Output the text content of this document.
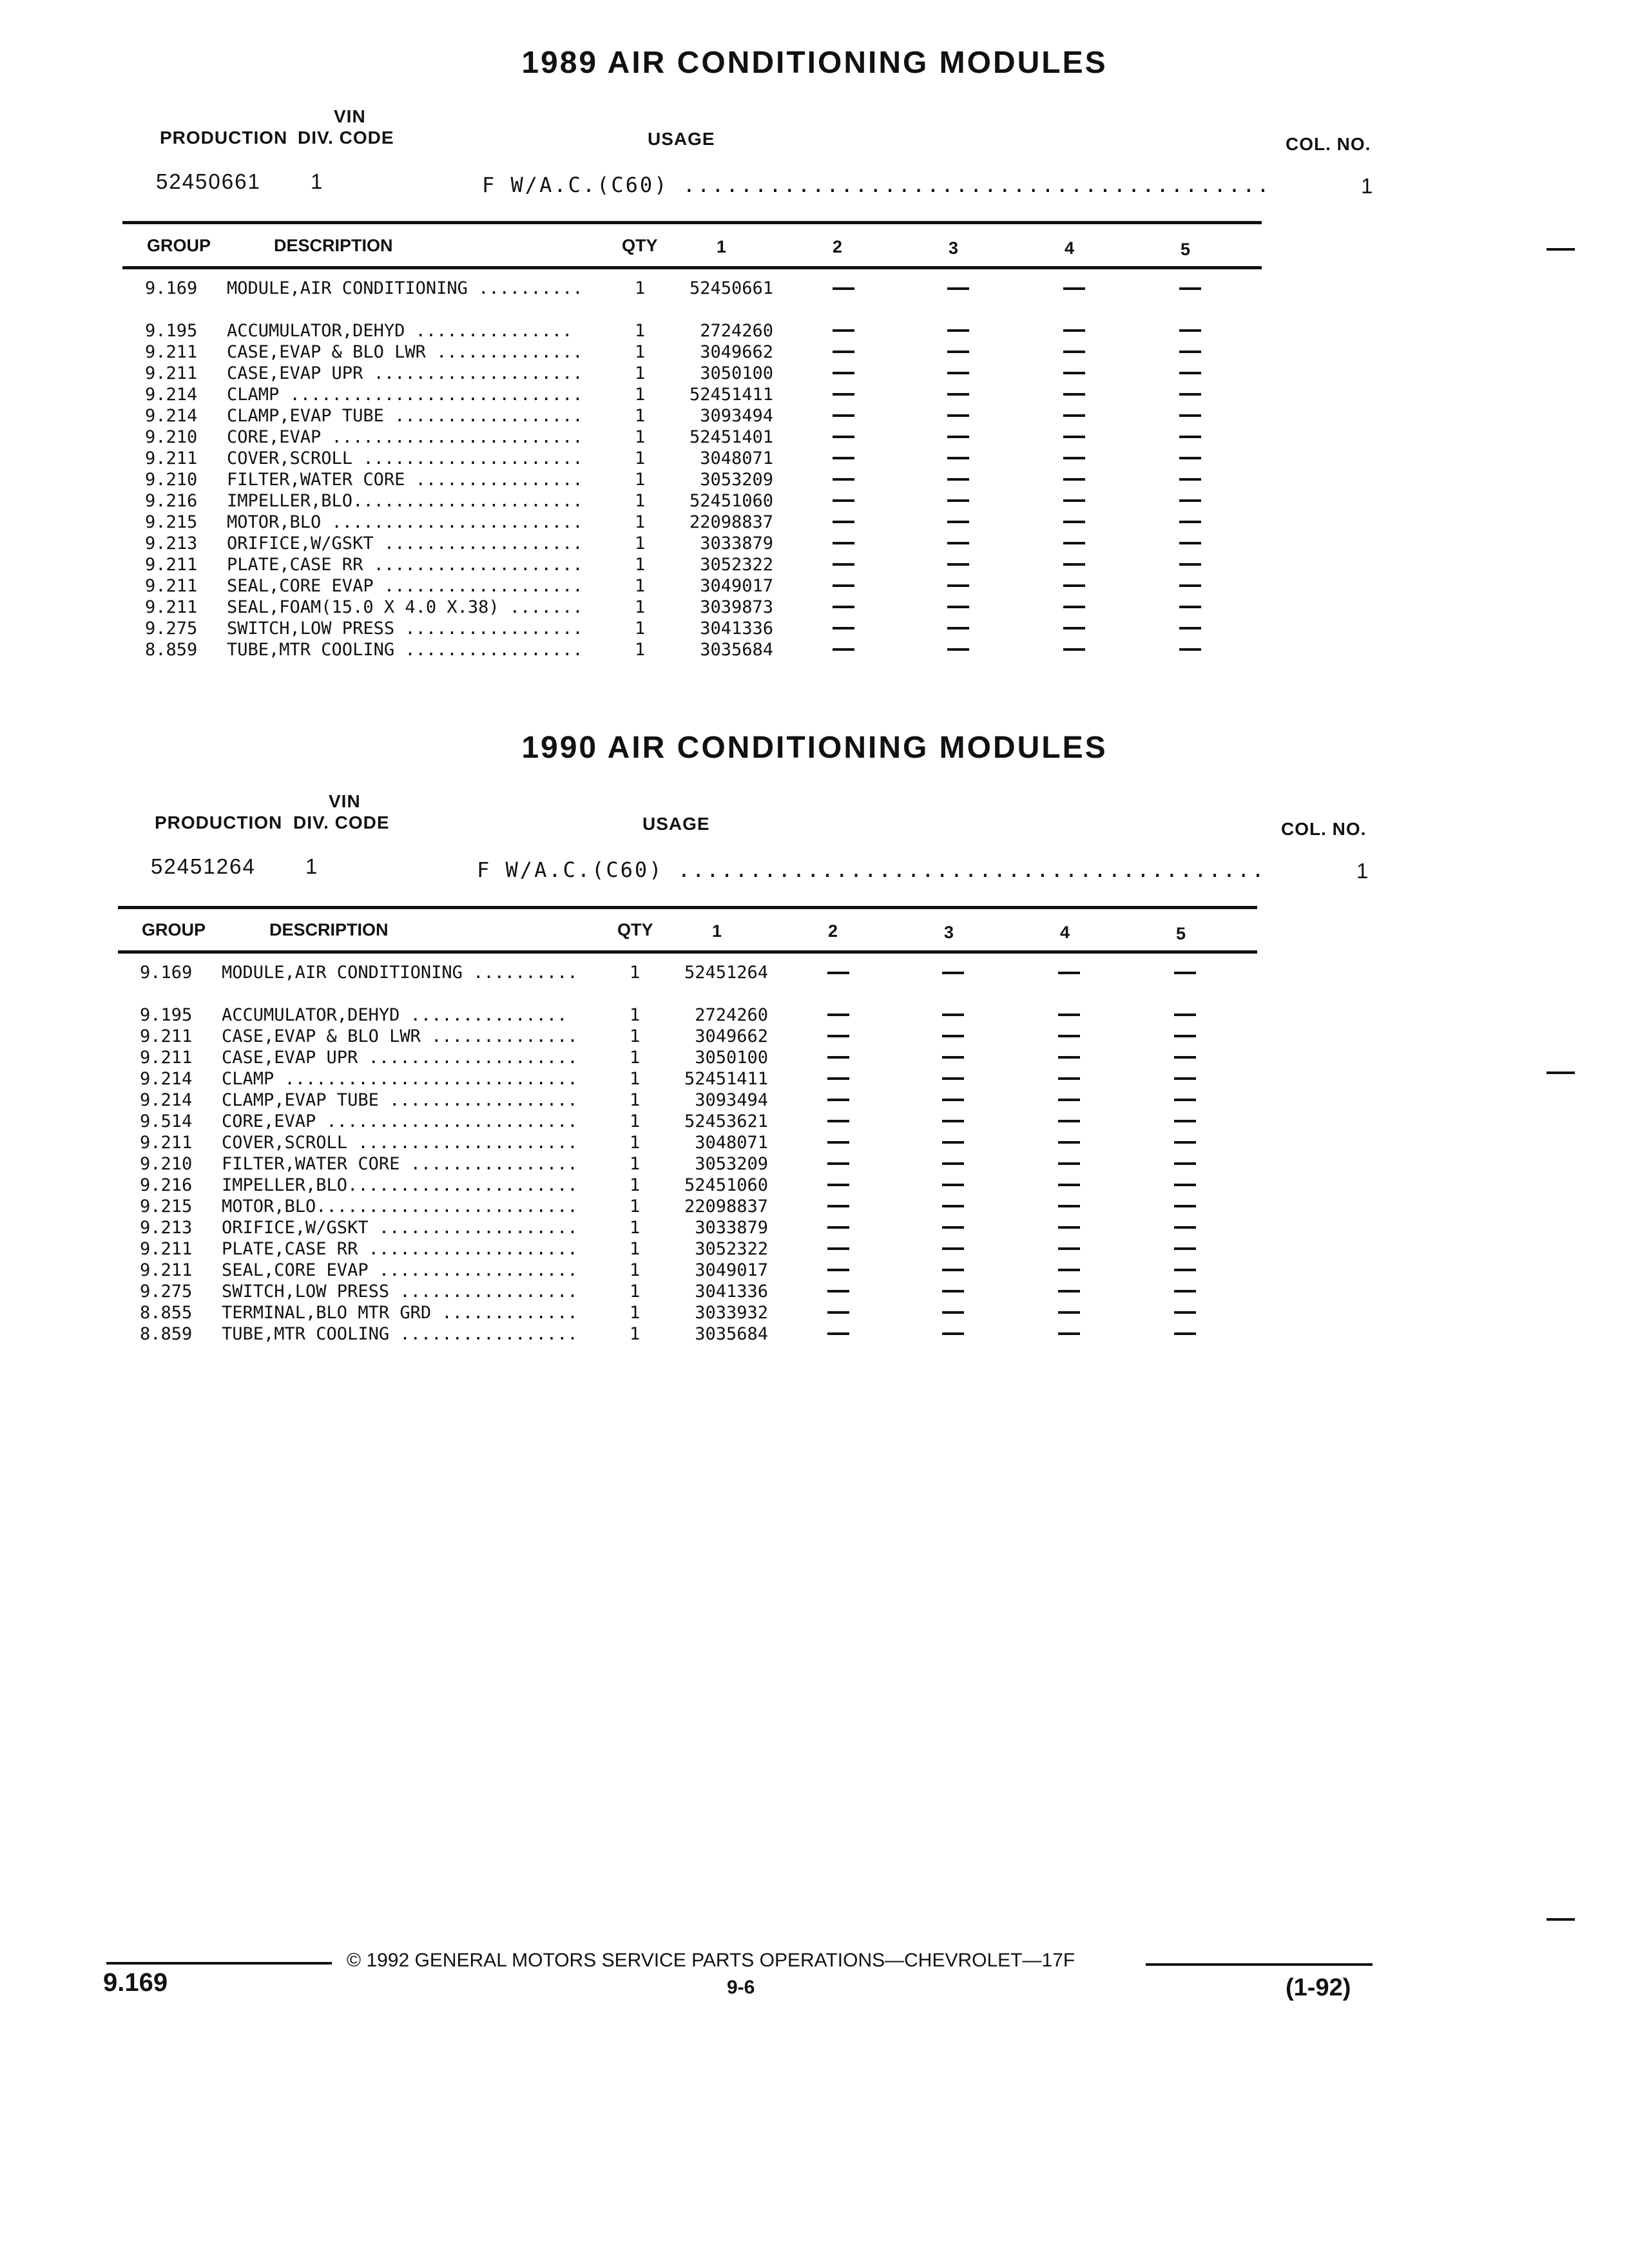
1989 AIR CONDITIONING MODULES
VIN
PRODUCTION DIV. CODE	USAGE	COL. NO.
52450661 1	F W/A.C.(C60) .........................................	1
GROUP	DESCRIPTION	QTY	1	2	3	4	5
9.169 MODULE,AIR CONDITIONING ..........	1	52450661
9.195 ACCUMULATOR,DEHYD ...............	1	2724260
9.211 CASE,EVAP & BLO LWR ..............	1	3049662
9.211 CASE,EVAP UPR ....................	1	3050100
9.214 CLAMP ............................	1	52451411
9.214 CLAMP,EVAP TUBE ..................	1	3093494
9.210 CORE,EVAP ........................	1	52451401
9.211 COVER,SCROLL .....................	1	3048071
9.210 FILTER,WATER CORE ................	1	3053209
9.216 IMPELLER,BLO......................	1	52451060
9.215 MOTOR,BLO ........................	1	22098837
9.213 ORIFICE,W/GSKT ...................	1	3033879
9.211 PLATE,CASE RR ....................	1	3052322
9.211 SEAL,CORE EVAP ...................	1	3049017
9.211 SEAL,FOAM(15.0 X 4.0 X.38) .......	1	3039873
9.275 SWITCH,LOW PRESS .................	1	3041336
8.859 TUBE,MTR COOLING .................	1	3035684
1990 AIR CONDITIONING MODULES
VIN
PRODUCTION DIV. CODE	USAGE	COL. NO.
52451264 1	F W/A.C.(C60) .........................................	1
GROUP	DESCRIPTION	QTY	1	2	3	4	5
9.169 MODULE,AIR CONDITIONING ..........	1	52451264
9.195 ACCUMULATOR,DEHYD ...............	1	2724260
9.211 CASE,EVAP & BLO LWR ..............	1	3049662
9.211 CASE,EVAP UPR ....................	1	3050100
9.214 CLAMP ............................	1	52451411
9.214 CLAMP,EVAP TUBE ..................	1	3093494
9.514 CORE,EVAP ........................	1	52453621
9.211 COVER,SCROLL .....................	1	3048071
9.210 FILTER,WATER CORE ................	1	3053209
9.216 IMPELLER,BLO......................	1	52451060
9.215 MOTOR,BLO.........................	1	22098837
9.213 ORIFICE,W/GSKT ...................	1	3033879
9.211 PLATE,CASE RR ....................	1	3052322
9.211 SEAL,CORE EVAP ...................	1	3049017
9.275 SWITCH,LOW PRESS .................	1	3041336
8.855 TERMINAL,BLO MTR GRD .............	1	3033932
8.859 TUBE,MTR COOLING .................	1	3035684
© 1992 GENERAL MOTORS SERVICE PARTS OPERATIONS—CHEVROLET—17F
9.169	9-6	(1-92)
